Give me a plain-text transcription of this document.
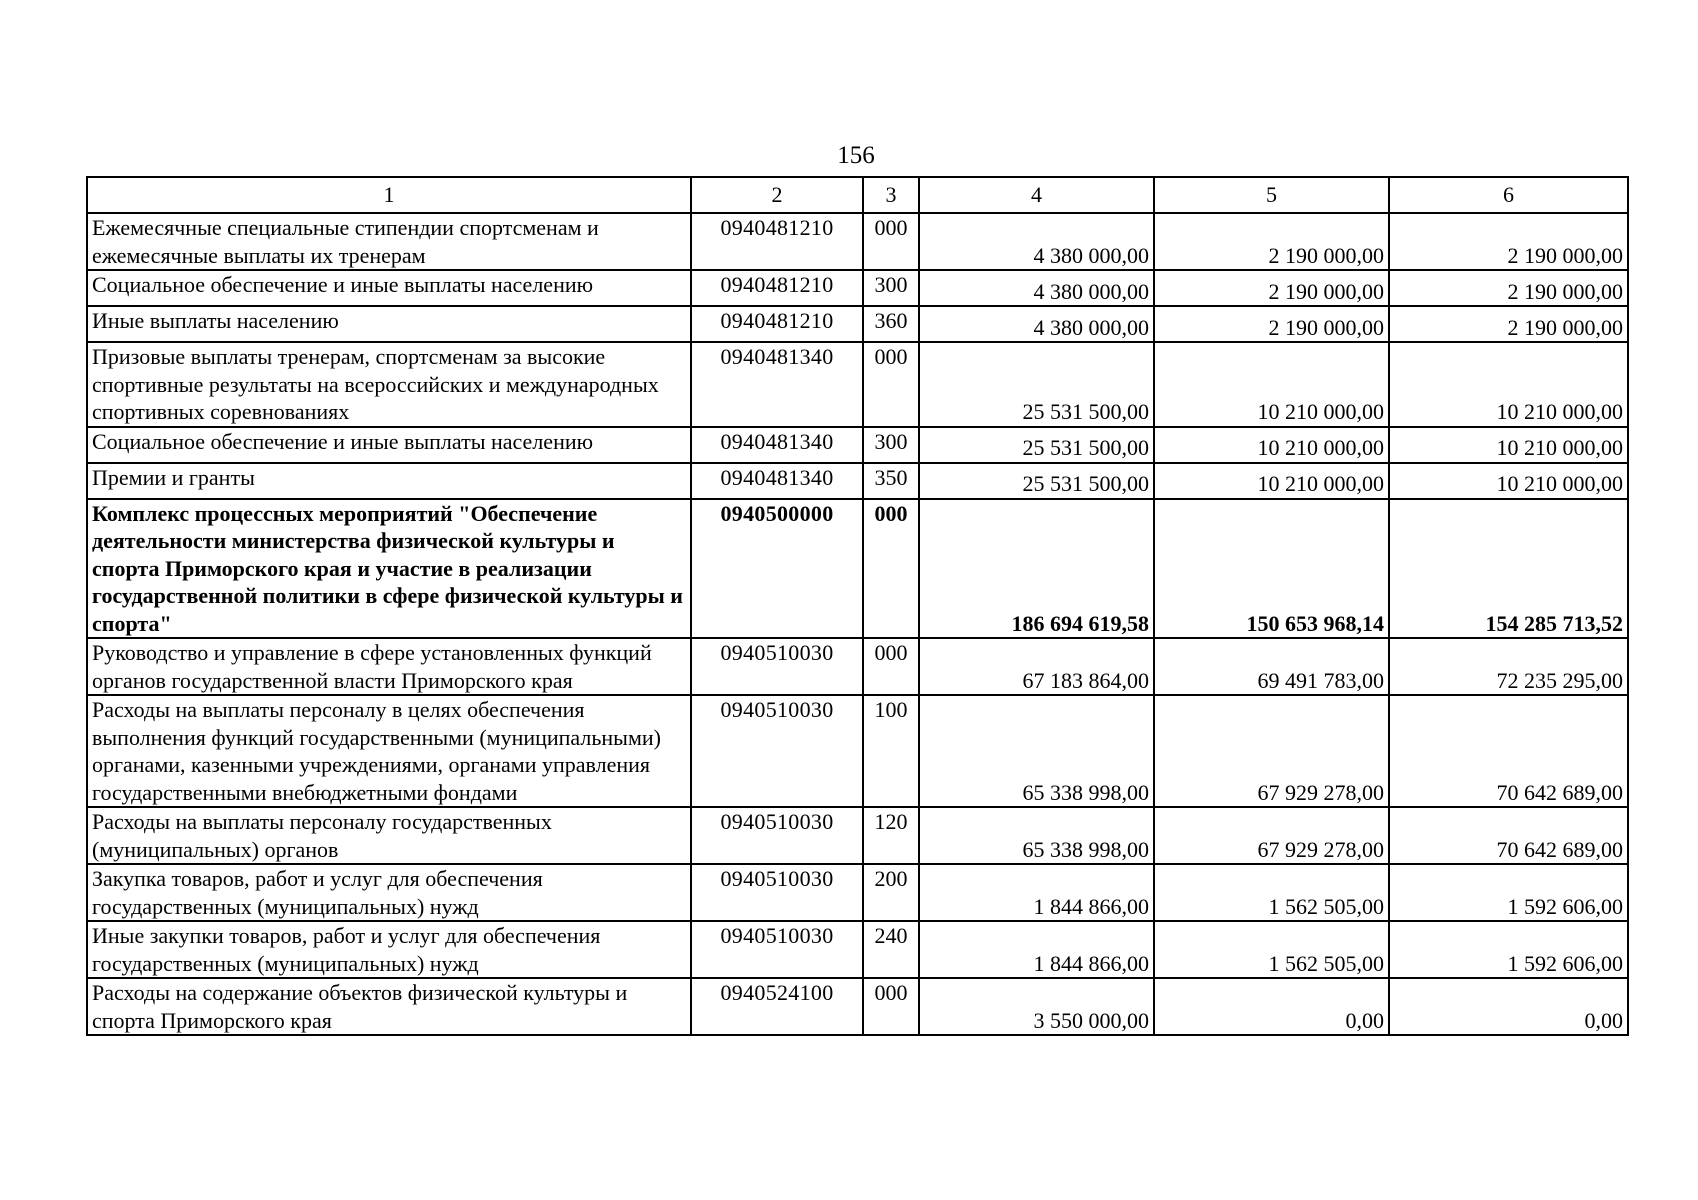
156
1	2	3	4	5	6
Ежемесячные специальные стипендии спортсменам и ежемесячные выплаты их тренерам	0940481210	000	4 380 000,00	2 190 000,00	2 190 000,00
Социальное обеспечение и иные выплаты населению	0940481210	300	4 380 000,00	2 190 000,00	2 190 000,00
Иные выплаты населению	0940481210	360	4 380 000,00	2 190 000,00	2 190 000,00
Призовые выплаты тренерам, спортсменам за высокие спортивные результаты на всероссийских и международных спортивных соревнованиях	0940481340	000	25 531 500,00	10 210 000,00	10 210 000,00
Социальное обеспечение и иные выплаты населению	0940481340	300	25 531 500,00	10 210 000,00	10 210 000,00
Премии и гранты	0940481340	350	25 531 500,00	10 210 000,00	10 210 000,00
Комплекс процессных мероприятий "Обеспечение деятельности министерства физической культуры и спорта Приморского края и участие в реализации государственной политики в сфере физической культуры и спорта"	0940500000	000	186 694 619,58	150 653 968,14	154 285 713,52
Руководство и управление в сфере установленных функций органов государственной власти Приморского края	0940510030	000	67 183 864,00	69 491 783,00	72 235 295,00
Расходы на выплаты персоналу в целях обеспечения выполнения функций государственными (муниципальными) органами, казенными учреждениями, органами управления государственными внебюджетными фондами	0940510030	100	65 338 998,00	67 929 278,00	70 642 689,00
Расходы на выплаты персоналу государственных (муниципальных) органов	0940510030	120	65 338 998,00	67 929 278,00	70 642 689,00
Закупка товаров, работ и услуг для обеспечения государственных (муниципальных) нужд	0940510030	200	1 844 866,00	1 562 505,00	1 592 606,00
Иные закупки товаров, работ и услуг для обеспечения государственных (муниципальных) нужд	0940510030	240	1 844 866,00	1 562 505,00	1 592 606,00
Расходы на содержание объектов физической культуры и спорта Приморского края	0940524100	000	3 550 000,00	0,00	0,00
